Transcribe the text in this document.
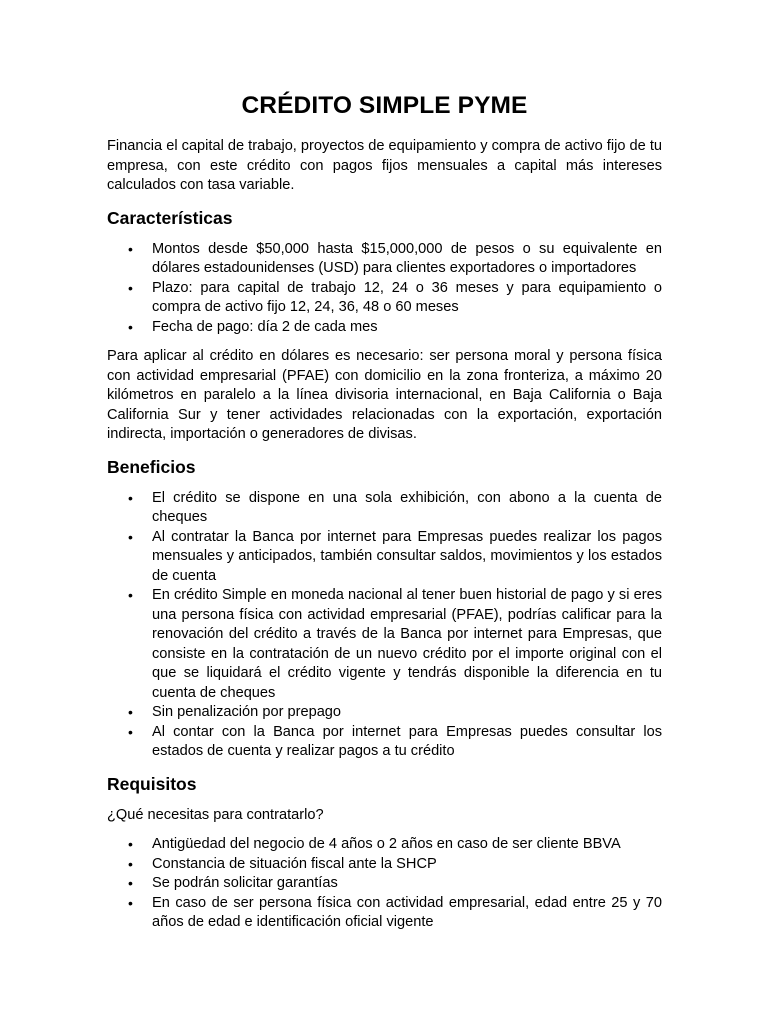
CRÉDITO SIMPLE PYME

Financia el capital de trabajo, proyectos de equipamiento y compra de activo fijo de tu empresa, con este crédito con pagos fijos mensuales a capital más intereses calculados con tasa variable.

Características
• Montos desde $50,000 hasta $15,000,000 de pesos o su equivalente en dólares estadounidenses (USD) para clientes exportadores o importadores
• Plazo: para capital de trabajo 12, 24 o 36 meses y para equipamiento o compra de activo fijo 12, 24, 36, 48 o 60 meses
• Fecha de pago: día 2 de cada mes

Para aplicar al crédito en dólares es necesario: ser persona moral y persona física con actividad empresarial (PFAE) con domicilio en la zona fronteriza, a máximo 20 kilómetros en paralelo a la línea divisoria internacional, en Baja California o Baja California Sur y tener actividades relacionadas con la exportación, exportación indirecta, importación o generadores de divisas.

Beneficios
• El crédito se dispone en una sola exhibición, con abono a la cuenta de cheques
• Al contratar la Banca por internet para Empresas puedes realizar los pagos mensuales y anticipados, también consultar saldos, movimientos y los estados de cuenta
• En crédito Simple en moneda nacional al tener buen historial de pago y si eres una persona física con actividad empresarial (PFAE), podrías calificar para la renovación del crédito a través de la Banca por internet para Empresas, que consiste en la contratación de un nuevo crédito por el importe original con el que se liquidará el crédito vigente y tendrás disponible la diferencia en tu cuenta de cheques
• Sin penalización por prepago
• Al contar con la Banca por internet para Empresas puedes consultar los estados de cuenta y realizar pagos a tu crédito
Requisitos

¿Qué necesitas para contratarlo?

• Antigüedad del negocio de 4 años o 2 años en caso de ser cliente BBVA
• Constancia de situación fiscal ante la SHCP
• Se podrán solicitar garantías
• En caso de ser persona física con actividad empresarial, edad entre 25 y 70 años de edad e identificación oficial vigente
